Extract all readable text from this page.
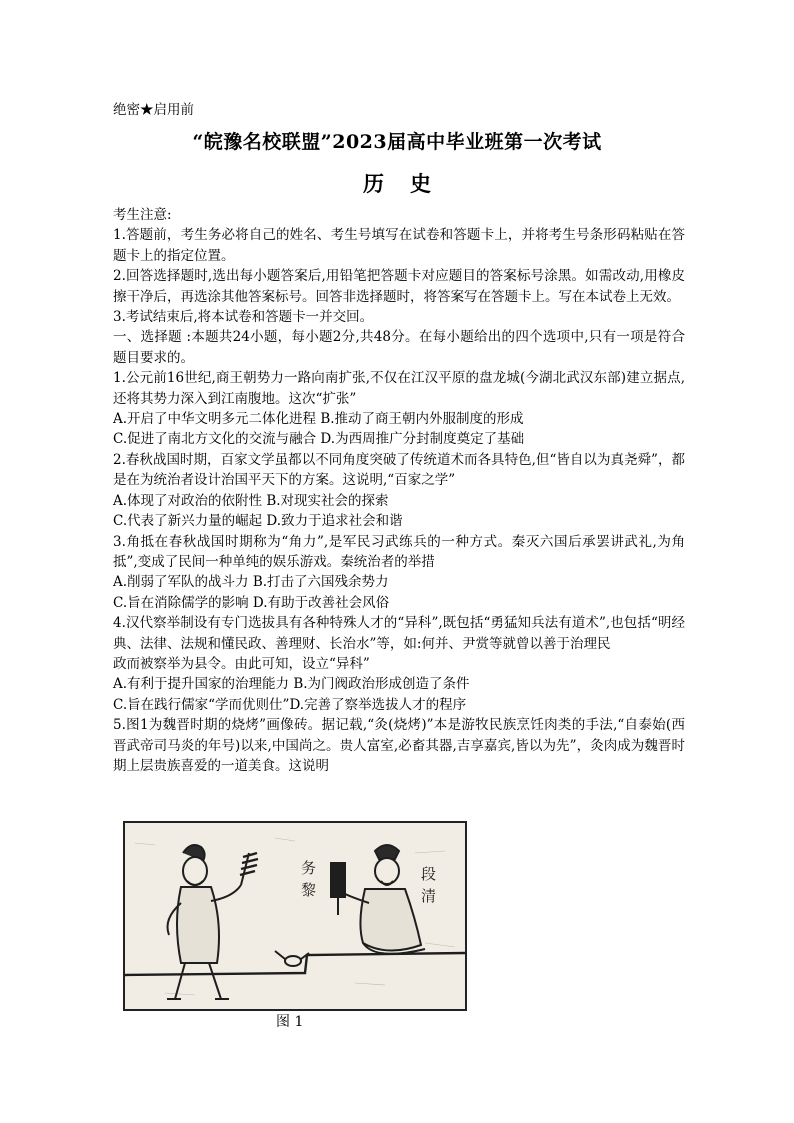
绝密★启用前
“皖豫名校联盟”2023届高中毕业班第一次考试
历史

考生注意:

1.答题前，考生务必将自己的姓名、考生号填写在试卷和答题卡上，并将考生号条形码粘贴在答题卡上的指定位置。

2.回答选择题时,选出每小题答案后,用铅笔把答题卡对应题目的答案标号涂黑。如需改动,用橡皮擦干净后，再选涂其他答案标号。回答非选择题时，将答案写在答题卡上。写在本试卷上无效。

3.考试结束后,将本试卷和答题卡一并交回。

一、选择题 :本题共24小题，每小题2分,共48分。在每小题给出的四个选项中,只有一项是符合题目要求的。

1.公元前16世纪,商王朝势力一路向南扩张,不仅在江汉平原的盘龙城(今湖北武汉东部)建立据点,还将其势力深入到江南腹地。这次“扩张”

A.开启了中华文明多元二体化进程 B.推动了商王朝内外服制度的形成

C.促进了南北方文化的交流与融合 D.为西周推广分封制度奠定了基础

2.春秋战国时期，百家文学虽都以不同角度突破了传统道术而各具特色,但“皆自以为真尧舜”，都是在为统治者设计治国平天下的方案。这说明,“百家之学”

A.体现了对政治的依附性 B.对现实社会的探索

C.代表了新兴力量的崛起 D.致力于追求社会和谐

3.角抵在春秋战国时期称为“角力”,是军民习武练兵的一种方式。秦灭六国后承罢讲武礼,为角抵”,变成了民间一种单纯的娱乐游戏。秦统治者的举措

A.削弱了军队的战斗力 B.打击了六国残余势力

C.旨在消除儒学的影响 D.有助于改善社会风俗

4.汉代察举制设有专门选拔具有各种特殊人才的“异科”,既包括“勇猛知兵法有道术”,也包括“明经典、法律、法规和懂民政、善理财、长治水”等，如:何并、尹赏等就曾以善于治理民

政而被察举为县令。由此可知，设立“异科”

A.有利于提升国家的治理能力 B.为门阀政治形成创造了条件

C.旨在践行儒家“学而优则仕”D.完善了察举选拔人才的程序

5.图1为魏晋时期的烧烤”画像砖。据记载,“灸(烧烤)”本是游牧民族烹饪肉类的手法,“自泰始(西晋武帝司马炎的年号)以来,中国尚之。贵人富室,必畜其器,吉享嘉宾,皆以为先”，灸肉成为魏晋时期上层贵族喜爱的一道美食。这说明

务
黎
段
清
图 1
